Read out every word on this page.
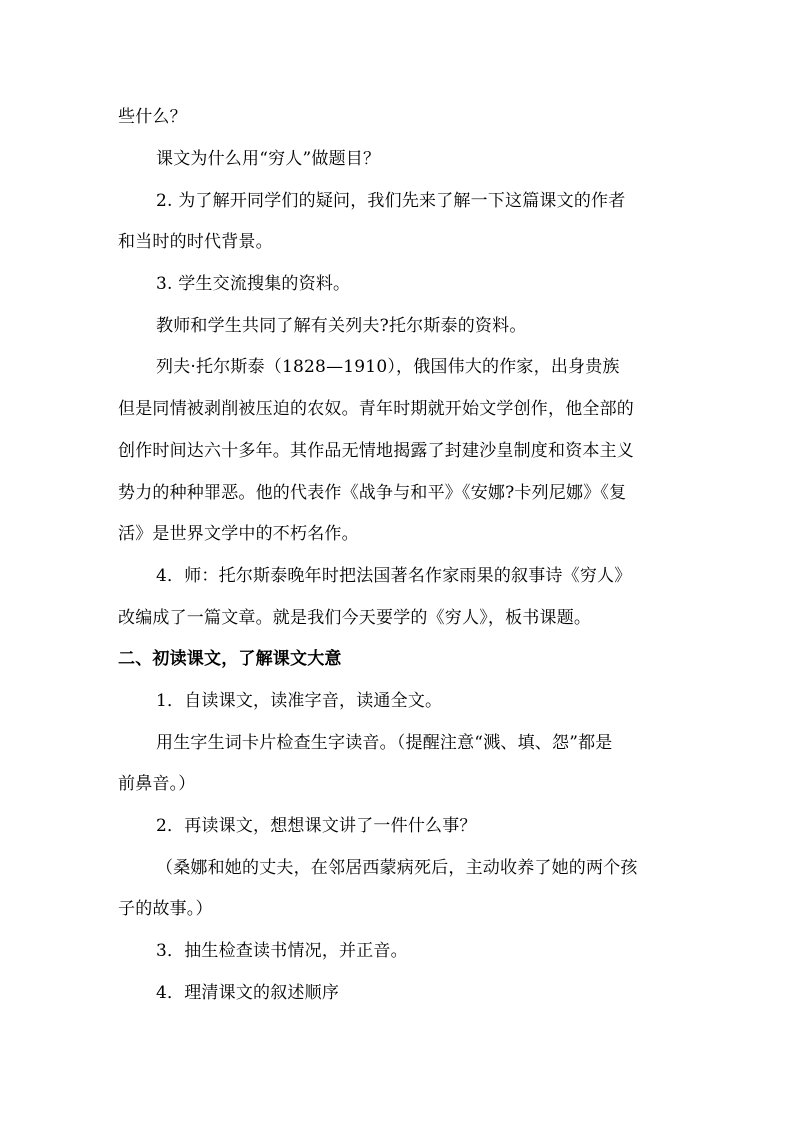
些什么？
课文为什么用“穷人”做题目？
2. 为了解开同学们的疑问，我们先来了解一下这篇课文的作者
和当时的时代背景。
3. 学生交流搜集的资料。
教师和学生共同了解有关列夫?托尔斯泰的资料。
列夫·托尔斯泰（1828—1910），俄国伟大的作家，出身贵族
但是同情被剥削被压迫的农奴。青年时期就开始文学创作，他全部的
创作时间达六十多年。其作品无情地揭露了封建沙皇制度和资本主义
势力的种种罪恶。他的代表作《战争与和平》《安娜?卡列尼娜》《复
活》是世界文学中的不朽名作。
4．师：托尔斯泰晚年时把法国著名作家雨果的叙事诗《穷人》
改编成了一篇文章。就是我们今天要学的《穷人》，板书课题。
二、初读课文，了解课文大意
1．自读课文，读准字音，读通全文。
用生字生词卡片检查生字读音。（提醒注意“溅、填、怨”都是
前鼻音。）
2．再读课文，想想课文讲了一件什么事？
（桑娜和她的丈夫，在邻居西蒙病死后，主动收养了她的两个孩
子的故事。）
3．抽生检查读书情况，并正音。
4．理清课文的叙述顺序
